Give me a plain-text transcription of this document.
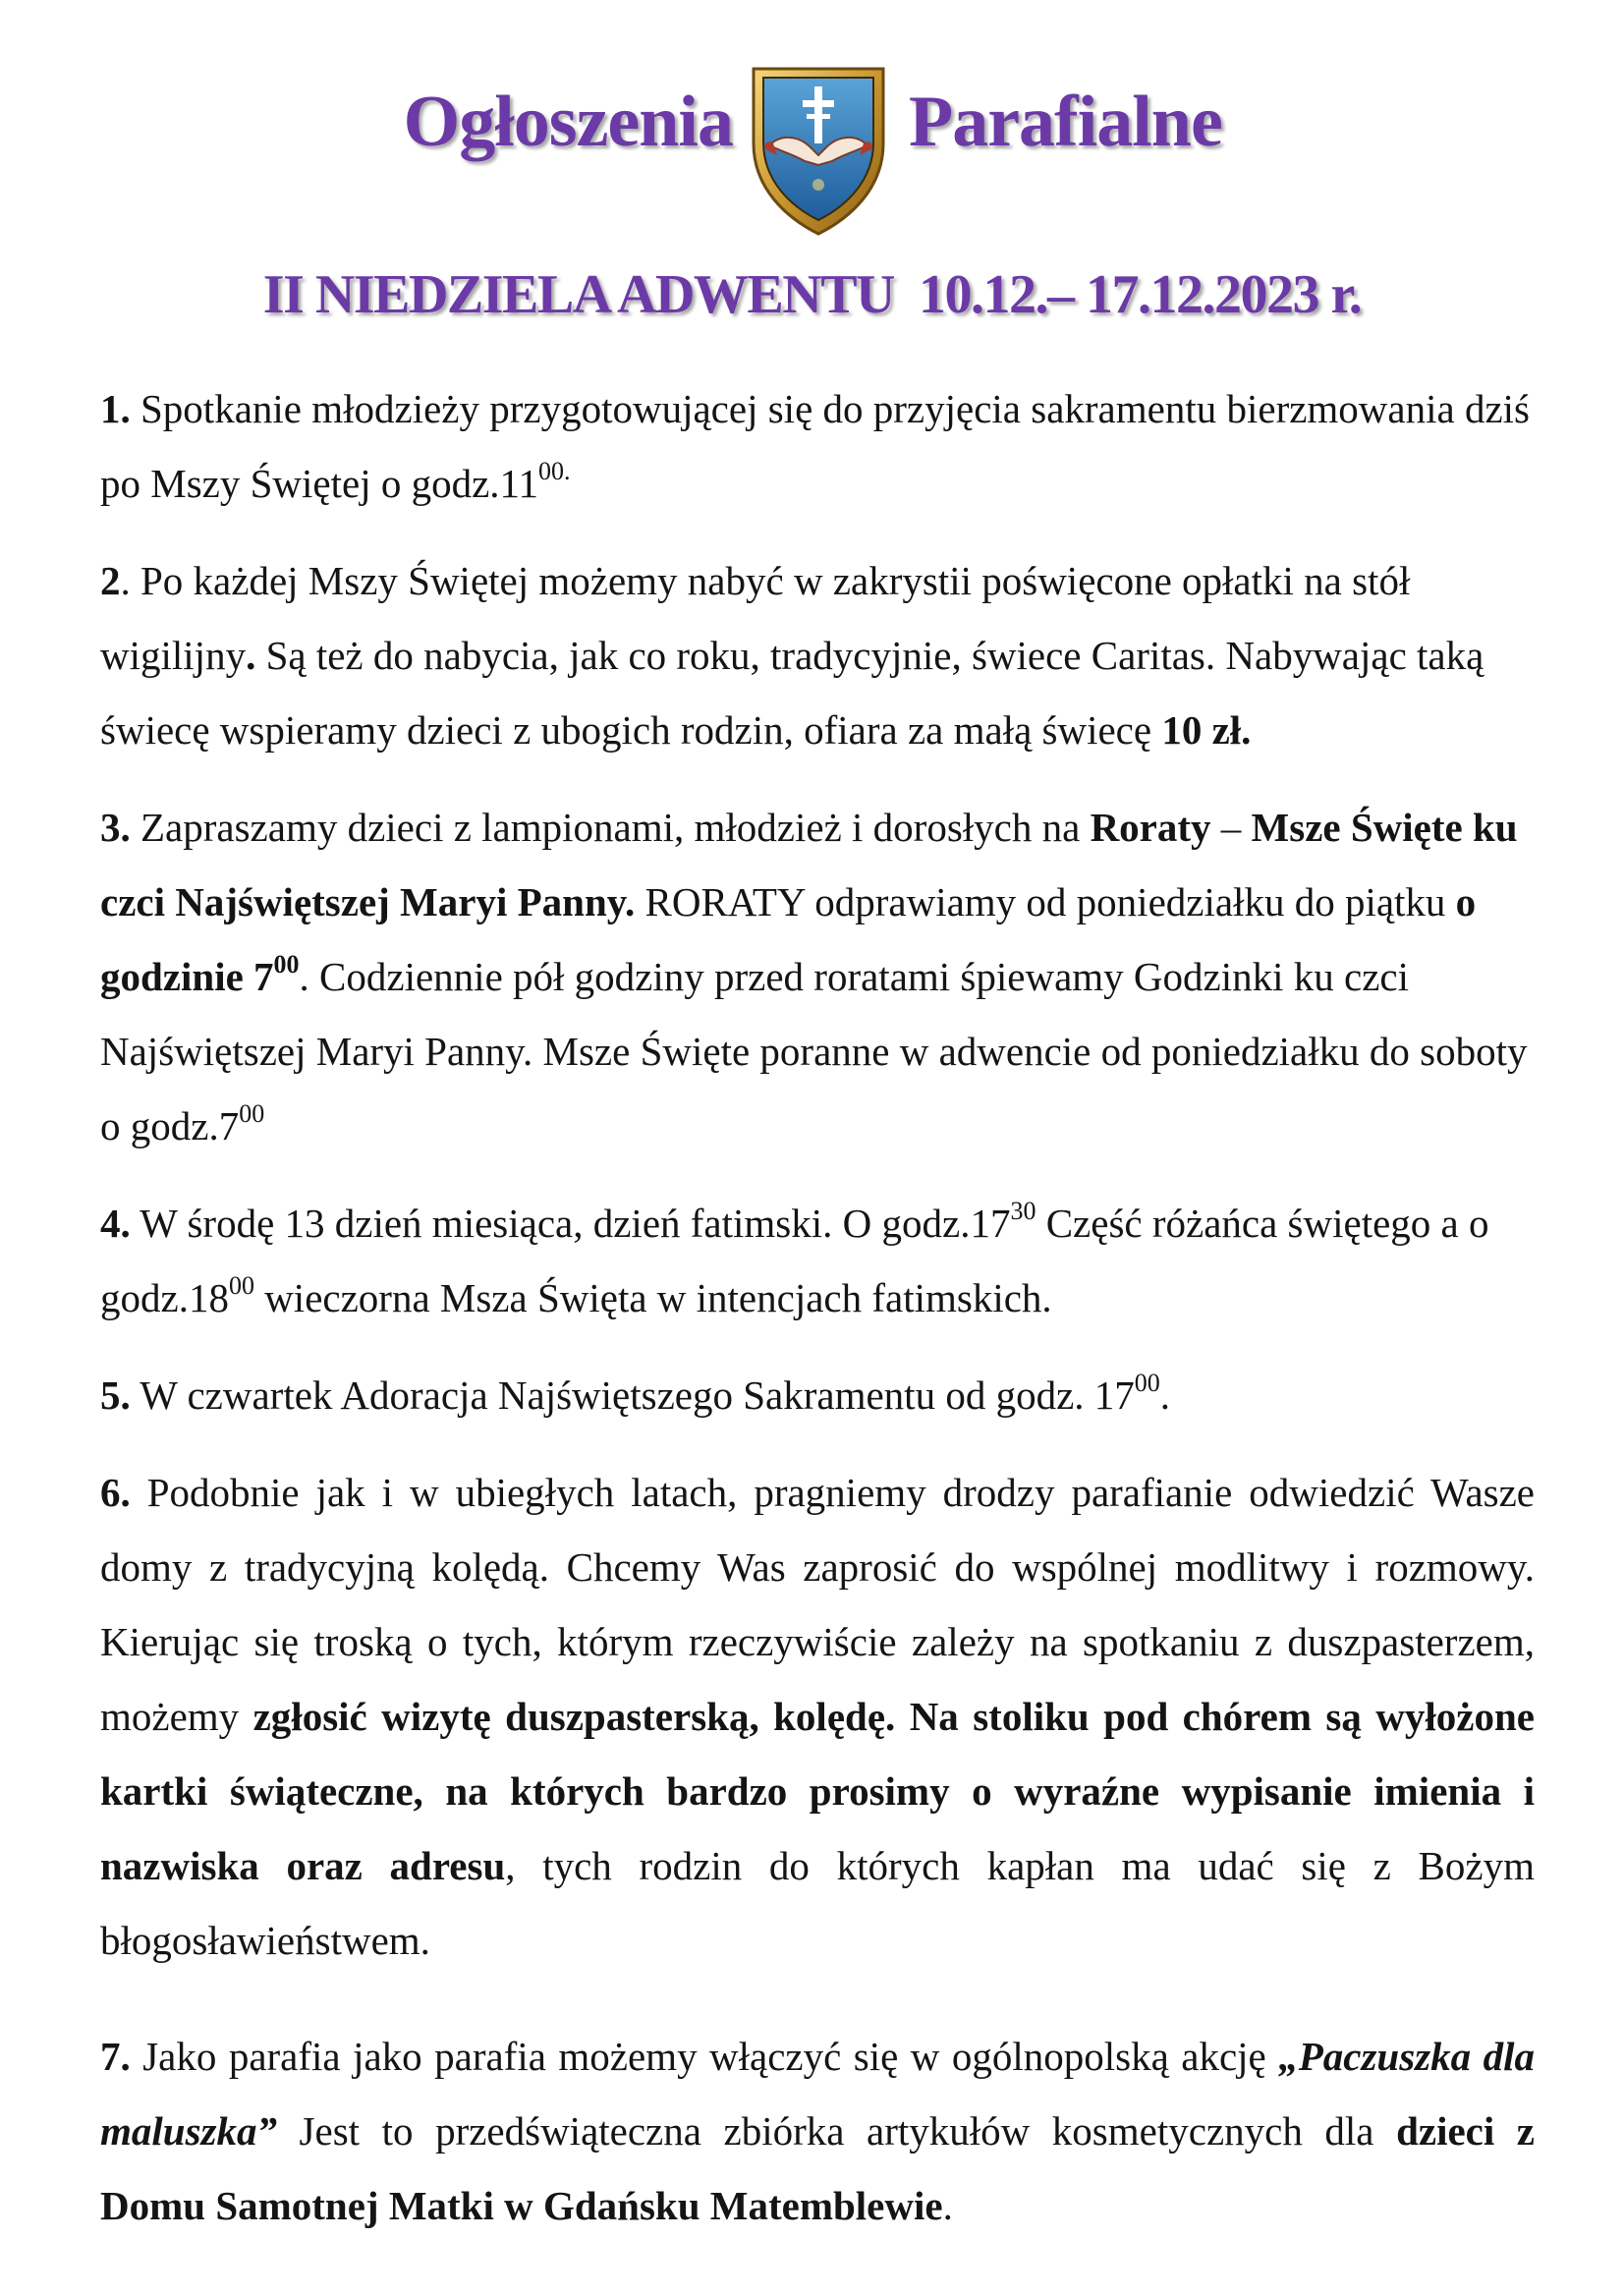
Ogłoszenia Parafialne
II NIEDZIELA ADWENTU  10.12.– 17.12.2023 r.

1. Spotkanie młodzieży przygotowującej się do przyjęcia sakramentu bierzmowania dziś po Mszy Świętej o $godz.11^{00.}$

2. Po każdej Mszy Świętej możemy nabyć w zakrystii poświęcone opłatki na stół wigilijny. Są też do nabycia, jak co roku, tradycyjnie, świece Caritas. Nabywając taką świecę wspieramy dzieci z ubogich rodzin, ofiara za małą świecę 10 zł.

3. Zapraszamy dzieci z lampionami, młodzież i dorosłych na Roraty – Msze Święte ku czci Najświętszej Maryi Panny. RORATY odprawiamy od poniedziałku do piątku o godzinie $7^{00}$. Codziennie pół godziny przed roratami śpiewamy Godzinki ku czci Najświętszej Maryi Panny. Msze Święte poranne w adwencie od poniedziałku do soboty o $godz.7^{00}$

4. W środę 13 dzień miesiąca, dzień fatimski. O $godz.17^{30}$ Część różańca świętego a o $godz.18^{00}$ wieczorna Msza Święta w intencjach fatimskich.

5. W czwartek Adoracja Najświętszego Sakramentu od godz. $17^{00}$.

6. Podobnie jak i w ubiegłych latach, pragniemy drodzy parafianie odwiedzić Wasze domy z tradycyjną kolędą. Chcemy Was zaprosić do wspólnej modlitwy i rozmowy. Kierując się troską o tych, którym rzeczywiście zależy na spotkaniu z duszpasterzem, możemy zgłosić wizytę duszpasterską, kolędę. Na stoliku pod chórem są wyłożone kartki świąteczne, na których bardzo prosimy o wyraźne wypisanie imienia i nazwiska oraz adresu, tych rodzin do których kapłan ma udać się z Bożym błogosławieństwem.

7. Jako parafia jako parafia możemy włączyć się w ogólnopolską akcję „Paczuszka dla maluszka” Jest to przedświąteczna zbiórka artykułów kosmetycznych dla dzieci z Domu Samotnej Matki w Gdańsku Matemblewie.
